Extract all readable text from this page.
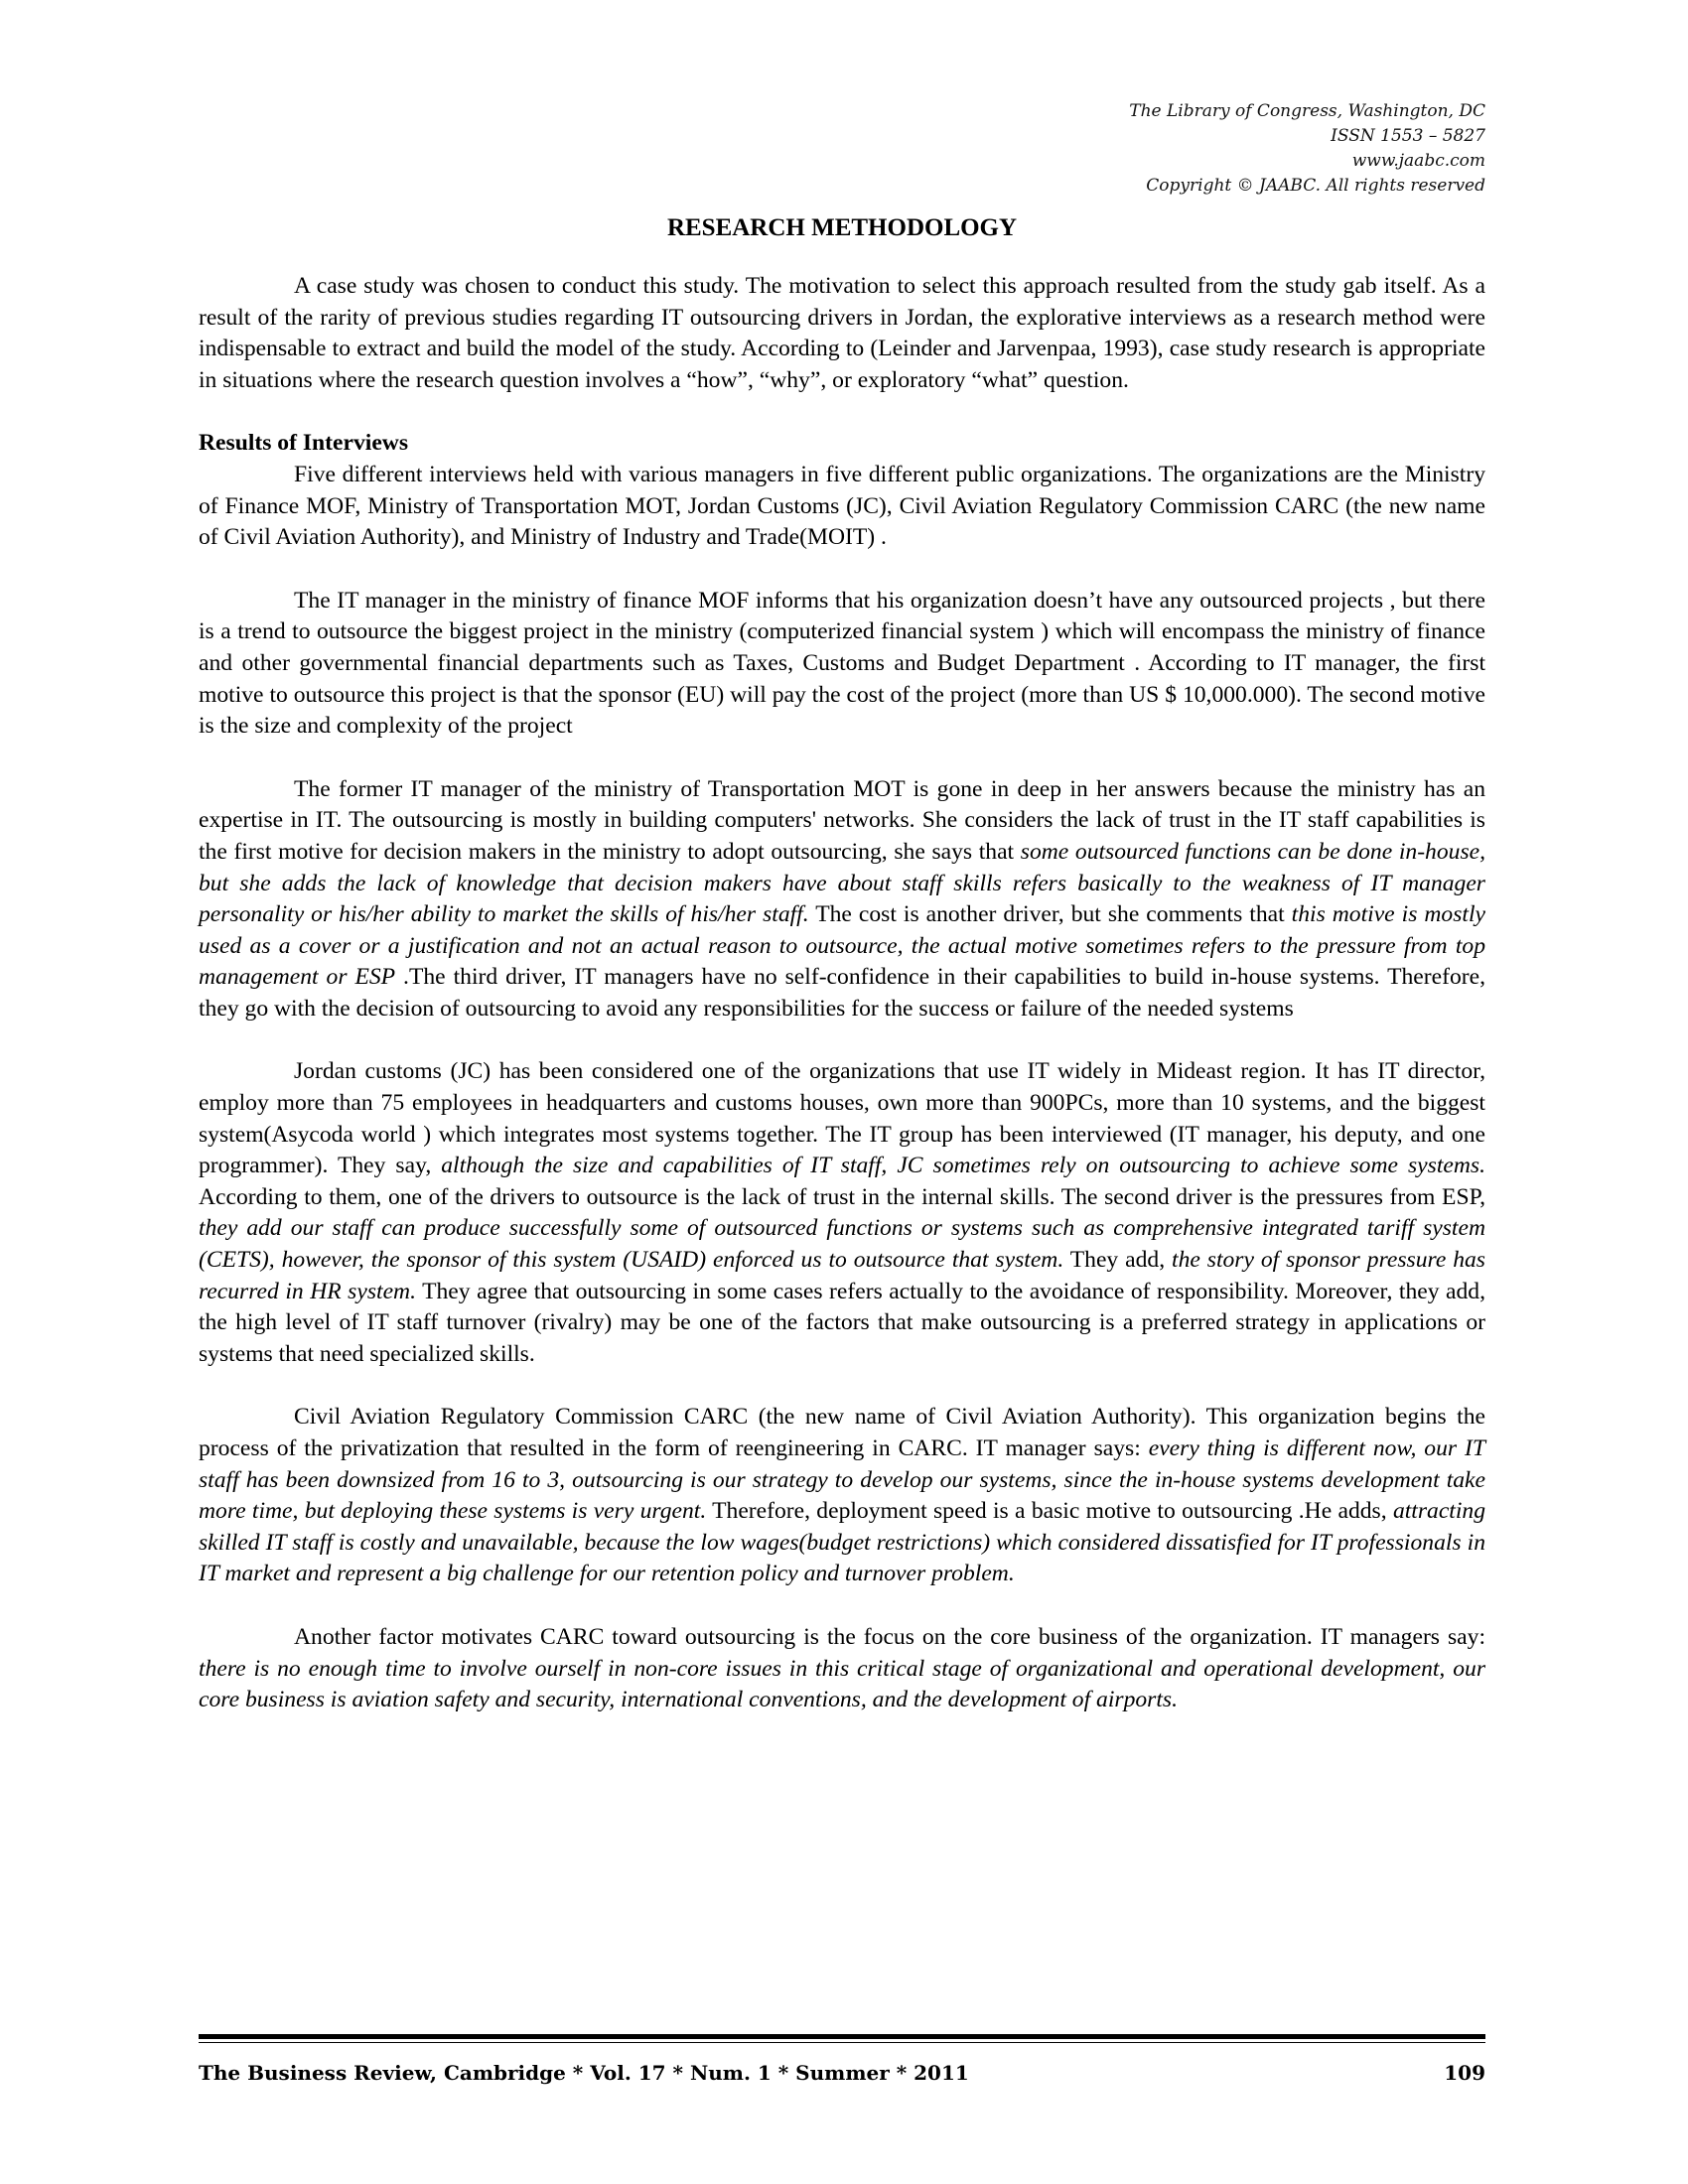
The Library of Congress, Washington, DC
ISSN 1553 – 5827
www.jaabc.com
Copyright © JAABC. All rights reserved
RESEARCH METHODOLOGY

A case study was chosen to conduct this study. The motivation to select this approach resulted from the study gab itself. As a result of the rarity of previous studies regarding IT outsourcing drivers in Jordan, the explorative interviews as a research method were indispensable to extract and build the model of the study. According to (Leinder and Jarvenpaa, 1993), case study research is appropriate in situations where the research question involves a “how”, “why”, or exploratory “what” question.

Results of Interviews

Five different interviews held with various managers in five different public organizations. The organizations are the Ministry of Finance MOF, Ministry of Transportation MOT, Jordan Customs (JC), Civil Aviation Regulatory Commission CARC (the new name of Civil Aviation Authority), and Ministry of Industry and Trade(MOIT) .

The IT manager in the ministry of finance MOF informs that his organization doesn’t have any outsourced projects , but there is a trend to outsource the biggest project in the ministry (computerized financial system ) which will encompass the ministry of finance and other governmental financial departments such as Taxes, Customs and Budget Department . According to IT manager, the first motive to outsource this project is that the sponsor (EU) will pay the cost of the project (more than US $ 10,000.000). The second motive is the size and complexity of the project

The former IT manager of the ministry of Transportation MOT is gone in deep in her answers because the ministry has an expertise in IT. The outsourcing is mostly in building computers' networks. She considers the lack of trust in the IT staff capabilities is the first motive for decision makers in the ministry to adopt outsourcing, she says that some outsourced functions can be done in-house, but she adds the lack of knowledge that decision makers have about staff skills refers basically to the weakness of IT manager personality or his/her ability to market the skills of his/her staff. The cost is another driver, but she comments that this motive is mostly used as a cover or a justification and not an actual reason to outsource, the actual motive sometimes refers to the pressure from top management or ESP .The third driver, IT managers have no self-confidence in their capabilities to build in-house systems. Therefore, they go with the decision of outsourcing to avoid any responsibilities for the success or failure of the needed systems

Jordan customs (JC) has been considered one of the organizations that use IT widely in Mideast region. It has IT director, employ more than 75 employees in headquarters and customs houses, own more than 900PCs, more than 10 systems, and the biggest system(Asycoda world ) which integrates most systems together. The IT group has been interviewed (IT manager, his deputy, and one programmer). They say, although the size and capabilities of IT staff, JC sometimes rely on outsourcing to achieve some systems. According to them, one of the drivers to outsource is the lack of trust in the internal skills. The second driver is the pressures from ESP, they add our staff can produce successfully some of outsourced functions or systems such as comprehensive integrated tariff system (CETS), however, the sponsor of this system (USAID) enforced us to outsource that system. They add, the story of sponsor pressure has recurred in HR system. They agree that outsourcing in some cases refers actually to the avoidance of responsibility. Moreover, they add, the high level of IT staff turnover (rivalry) may be one of the factors that make outsourcing is a preferred strategy in applications or systems that need specialized skills.

Civil Aviation Regulatory Commission CARC (the new name of Civil Aviation Authority). This organization begins the process of the privatization that resulted in the form of reengineering in CARC. IT manager says: every thing is different now, our IT staff has been downsized from 16 to 3, outsourcing is our strategy to develop our systems, since the in-house systems development take more time, but deploying these systems is very urgent. Therefore, deployment speed is a basic motive to outsourcing .He adds, attracting skilled IT staff is costly and unavailable, because the low wages(budget restrictions) which considered dissatisfied for IT professionals in IT market and represent a big challenge for our retention policy and turnover problem.

Another factor motivates CARC toward outsourcing is the focus on the core business of the organization. IT managers say: there is no enough time to involve ourself in non-core issues in this critical stage of organizational and operational development, our core business is aviation safety and security, international conventions, and the development of airports.

The Business Review, Cambridge * Vol. 17 * Num. 1 * Summer * 2011	109
